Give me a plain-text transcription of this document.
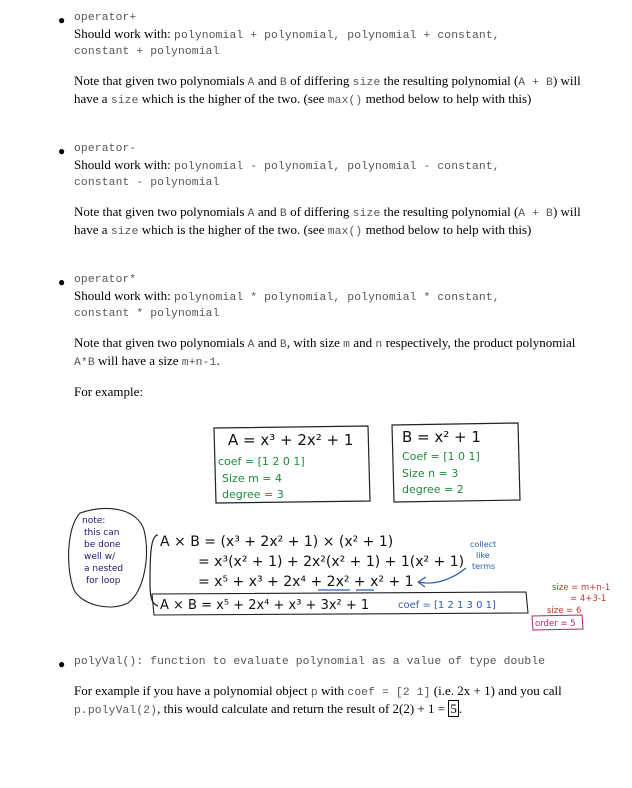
● operator+
Should work with: polynomial + polynomial, polynomial + constant,
constant + polynomial

Note that given two polynomials A and B of differing size the resulting polynomial (A + B) will have a size which is the higher of the two. (see max() method below to help with this)

● operator-
Should work with: polynomial - polynomial, polynomial - constant,
constant - polynomial

Note that given two polynomials A and B of differing size the resulting polynomial (A + B) will have a size which is the higher of the two. (see max() method below to help with this)

● operator*
Should work with: polynomial * polynomial, polynomial * constant,
constant * polynomial

Note that given two polynomials A and B, with size m and n respectively, the product polynomial A*B will have a size m+n-1.

For example:
A = x³ + 2x² + 1
coef = [1 2 0 1]
Size m = 4
degree = 3
B = x² + 1
Coef = [1 0 1]
Size n = 3
degree = 2
note:
this can
be done
well w/
a nested
for loop
A × B = (x³ + 2x² + 1) × (x² + 1)
= x³(x² + 1) + 2x²(x² + 1) + 1(x² + 1)
= x⁵ + x³ + 2x⁴ + 2x² + x² + 1
collect
like
terms
A × B = x⁵ + 2x⁴ + x³ + 3x² + 1	coef = [1 2 1 3 0 1]
size = m+n-1
= 4+3-1
size = 6
order = 5
● polyVal(): function to evaluate polynomial as a value of type double

For example if you have a polynomial object p with coef = [2 1] (i.e. 2x + 1) and you call p.polyVal(2), this would calculate and return the result of 2(2) + 1 = 5 .
